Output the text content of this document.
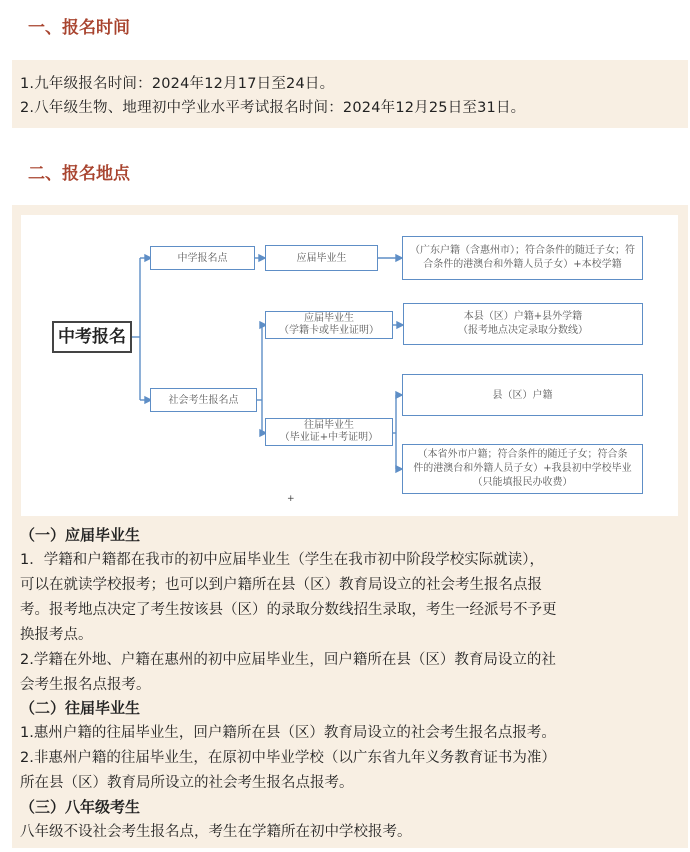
一、报名时间
1.九年级报名时间：2024年12月17日至24日。
2.八年级生物、地理初中学业水平考试报名时间：2024年12月25日至31日。
二、报名地点
中考报名
中学报名点
社会考生报名点
应届毕业生
应届毕业生
（学籍卡或毕业证明）
往届毕业生
（毕业证+中考证明）
（广东户籍（含惠州市）；符合条件的随迁子女；符
合条件的港澳台和外籍人员子女）+本校学籍
本县（区）户籍+县外学籍
（报考地点决定录取分数线）
县（区）户籍
（本省外市户籍；符合条件的随迁子女；符合条
件的港澳台和外籍人员子女）+我县初中学校毕业
（只能填报民办收费）
+
（一）应届毕业生
1．学籍和户籍都在我市的初中应届毕业生（学生在我市初中阶段学校实际就读），
可以在就读学校报考；也可以到户籍所在县（区）教育局设立的社会考生报名点报
考。报考地点决定了考生按该县（区）的录取分数线招生录取，考生一经派号不予更
换报考点。
2.学籍在外地、户籍在惠州的初中应届毕业生，回户籍所在县（区）教育局设立的社
会考生报名点报考。
（二）往届毕业生
1.惠州户籍的往届毕业生，回户籍所在县（区）教育局设立的社会考生报名点报考。
2.非惠州户籍的往届毕业生，在原初中毕业学校（以广东省九年义务教育证书为准）
所在县（区）教育局所设立的社会考生报名点报考。
（三）八年级考生
八年级不设社会考生报名点，考生在学籍所在初中学校报考。
